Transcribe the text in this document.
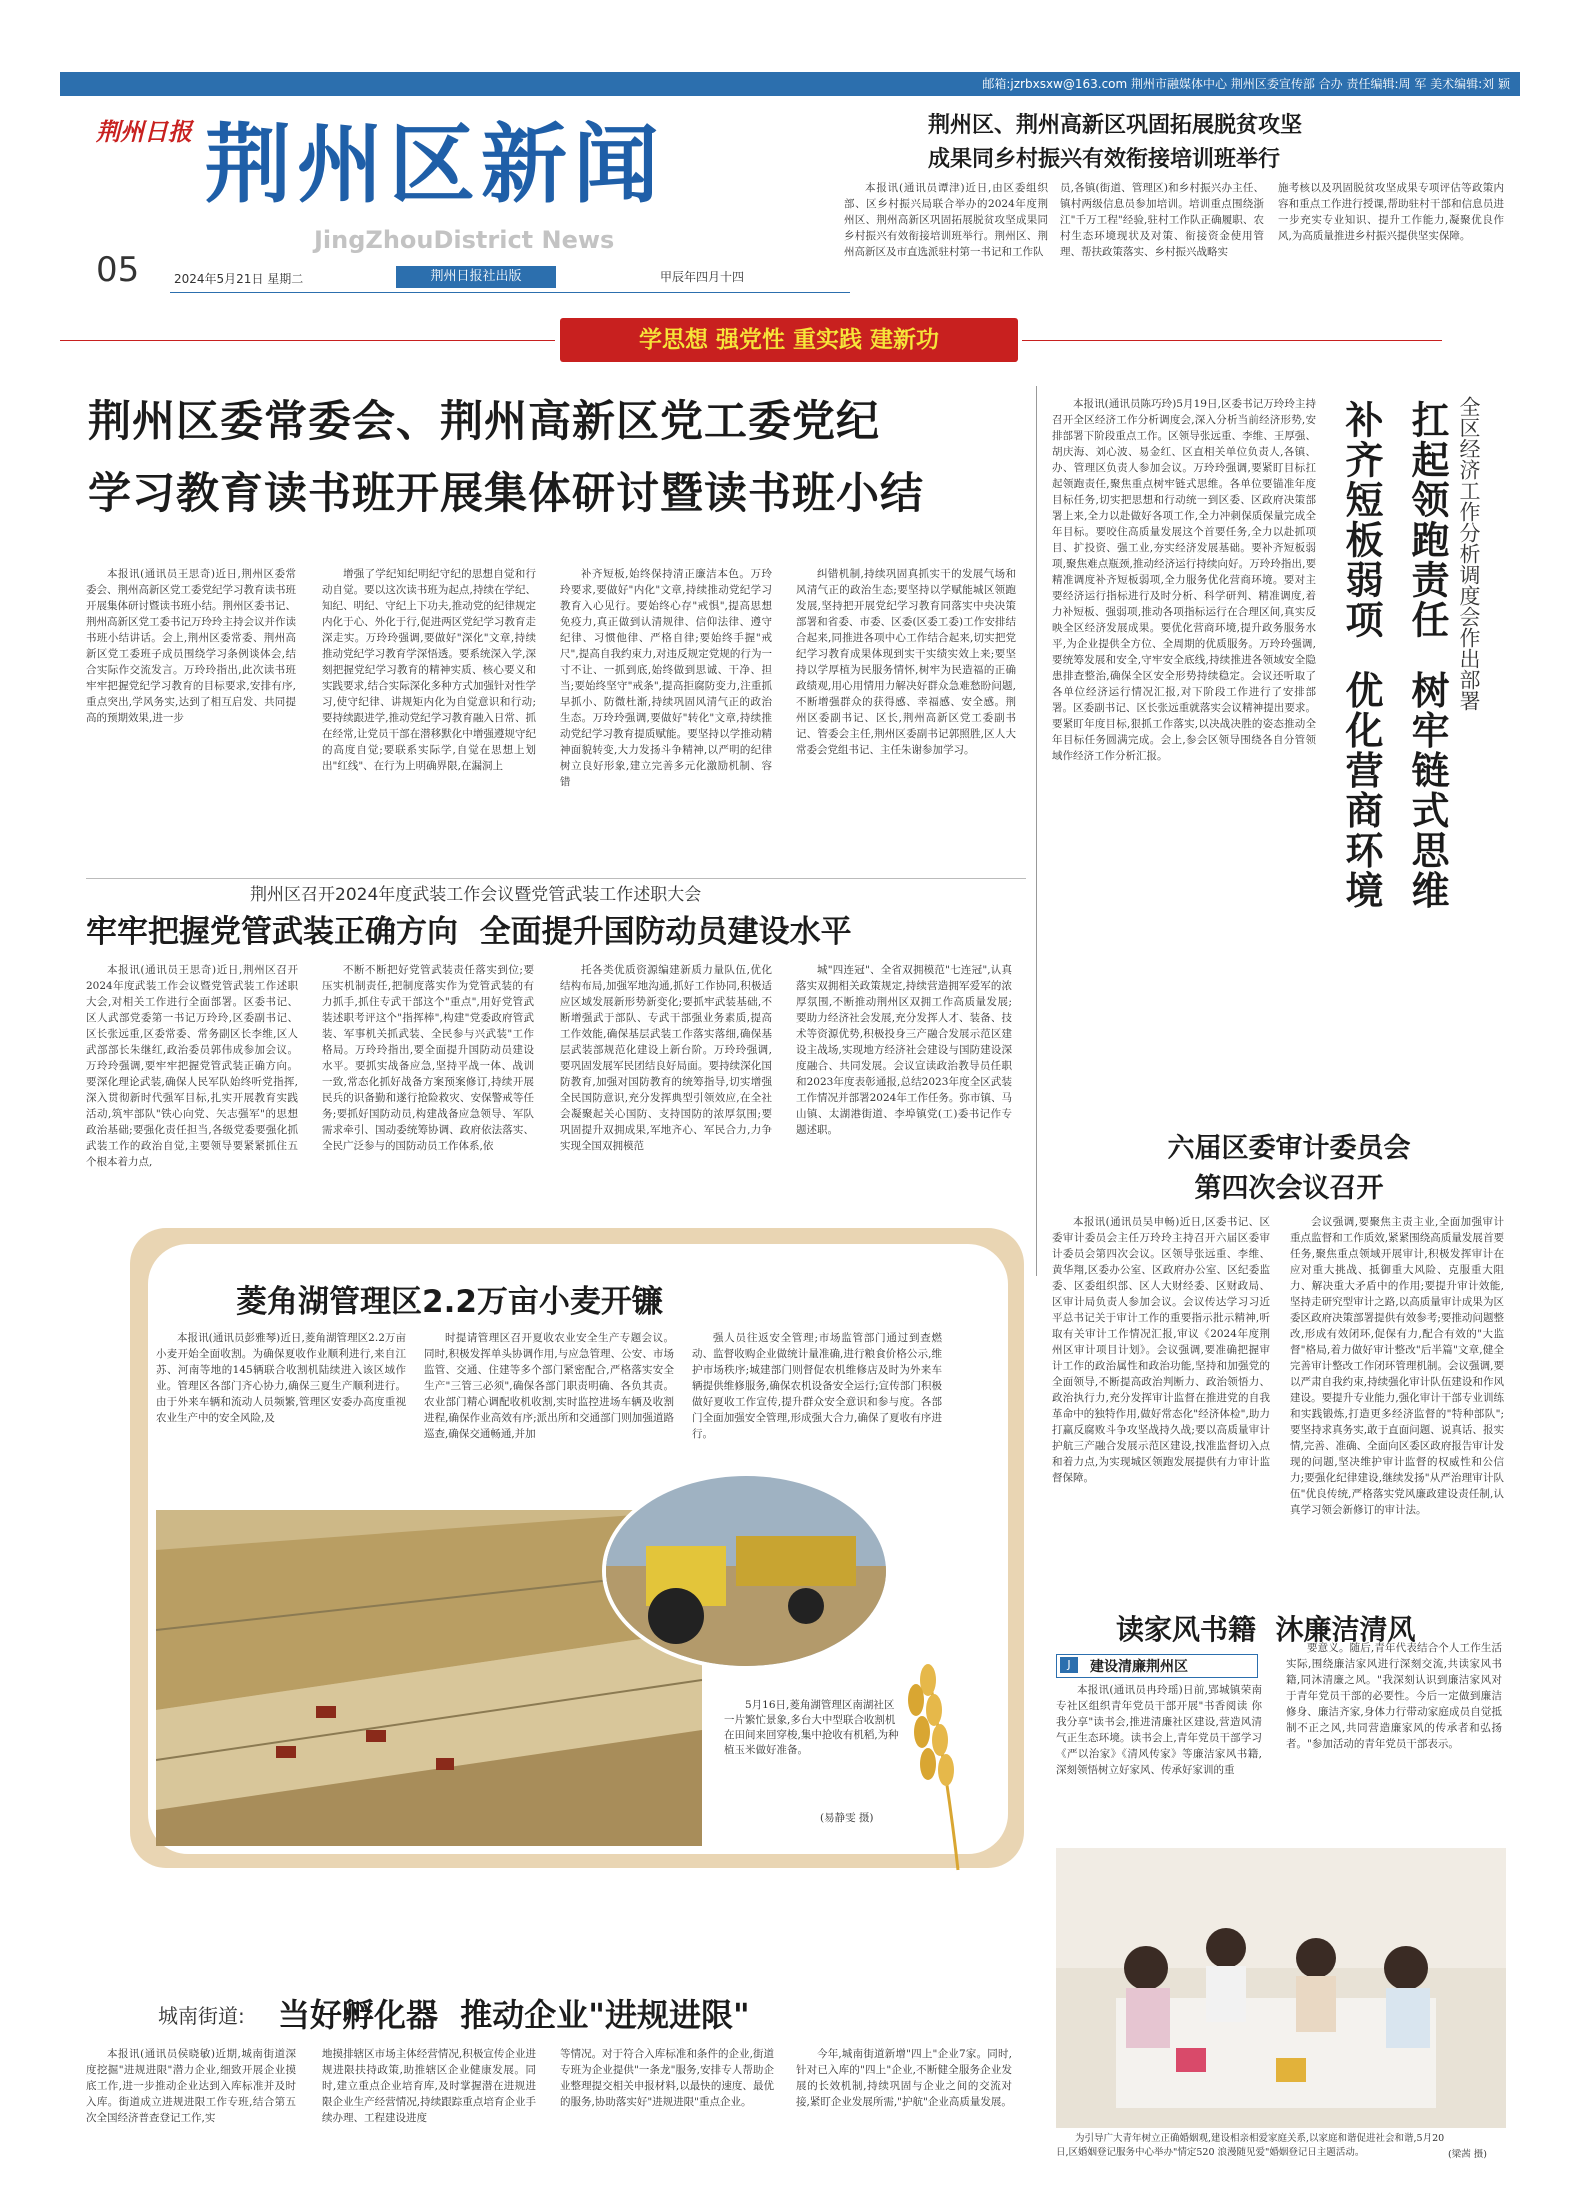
邮箱:jzrbxsxw@163.com 荆州市融媒体中心 荆州区委宣传部 合办 责任编辑:周 军 美术编辑:刘 颖
荆州日报 荆州区新闻
JingZhouDistrict News
05	2024年5月21日 星期二	荆州日报社出版	甲辰年四月十四
荆州区、荆州高新区巩固拓展脱贫攻坚
成果同乡村振兴有效衔接培训班举行
本报讯(通讯员谭津)近日,由区委组织部、区乡村振兴局联合举办的2024年度荆州区、荆州高新区巩固拓展脱贫攻坚成果同乡村振兴有效衔接培训班举行。荆州区、荆州高新区及市直选派驻村第一书记和工作队
员,各镇(街道、管理区)和乡村振兴办主任、镇村两级信息员参加培训。培训重点围绕浙江"千万工程"经验,驻村工作队正确履职、农村生态环境现状及对策、衔接资金使用管理、帮扶政策落实、乡村振兴战略实
施考核以及巩固脱贫攻坚成果专项评估等政策内容和重点工作进行授课,帮助驻村干部和信息员进一步充实专业知识、提升工作能力,凝聚优良作风,为高质量推进乡村振兴提供坚实保障。
学思想 强党性 重实践 建新功
荆州区委常委会、荆州高新区党工委党纪
学习教育读书班开展集体研讨暨读书班小结
本报讯(通讯员王思奇)近日,荆州区委常委会、荆州高新区党工委党纪学习教育读书班开展集体研讨暨读书班小结。荆州区委书记、荆州高新区党工委书记万玲玲主持会议并作读书班小结讲话。会上,荆州区委常委、荆州高新区党工委班子成员围绕学习条例谈体会,结合实际作交流发言。万玲玲指出,此次读书班牢牢把握党纪学习教育的目标要求,安排有序,重点突出,学风务实,达到了相互启发、共同提高的预期效果,进一步
增强了学纪知纪明纪守纪的思想自觉和行动自觉。要以这次读书班为起点,持续在学纪、知纪、明纪、守纪上下功夫,推动党的纪律规定内化于心、外化于行,促进两区党纪学习教育走深走实。万玲玲强调,要做好"深化"文章,持续推动党纪学习教育学深悟透。要系统深入学,深刻把握党纪学习教育的精神实质、核心要义和实践要求,结合实际深化多种方式加强针对性学习,使守纪律、讲规矩内化为自觉意识和行动;要持续跟进学,推动党纪学习教育融入日常、抓在经常,让党员干部在潜移默化中增强遵规守纪的高度自觉;要联系实际学,自觉在思想上划出"红线"、在行为上明确界限,在漏洞上
补齐短板,始终保持清正廉洁本色。万玲玲要求,要做好"内化"文章,持续推动党纪学习教育入心见行。要始终心存"戒惧",提高思想免疫力,真正做到认清规律、信仰法律、遵守纪律、习惯他律、严格自律;要始终手握"戒尺",提高自我约束力,对违反规定党规的行为一寸不让、一抓到底,始终做到思诚、干净、担当;要始终坚守"戒条",提高拒腐防变力,注重抓早抓小、防微杜渐,持续巩固风清气正的政治生态。万玲玲强调,要做好"转化"文章,持续推动党纪学习教育提质赋能。要坚持以学推动精神面貌转变,大力发扬斗争精神,以严明的纪律树立良好形象,建立完善多元化激励机制、容错
纠错机制,持续巩固真抓实干的发展气场和风清气正的政治生态;要坚持以学赋能城区领跑发展,坚持把开展党纪学习教育同落实中央决策部署和省委、市委、区委(区委工委)工作安排结合起来,同推进各项中心工作结合起来,切实把党纪学习教育成果体现到实干实绩实效上来;要坚持以学厚植为民服务情怀,树牢为民造福的正确政绩观,用心用情用力解决好群众急难愁盼问题,不断增强群众的获得感、幸福感、安全感。荆州区委副书记、区长,荆州高新区党工委副书记、管委会主任,荆州区委副书记郭照胜,区人大常委会党组书记、主任朱谢参加学习。
荆州区召开2024年度武装工作会议暨党管武装工作述职大会
牢牢把握党管武装正确方向  全面提升国防动员建设水平
本报讯(通讯员王思奇)近日,荆州区召开2024年度武装工作会议暨党管武装工作述职大会,对相关工作进行全面部署。区委书记、区人武部党委第一书记万玲玲,区委副书记、区长张远重,区委常委、常务副区长李维,区人武部部长朱继红,政治委员郭伟成参加会议。万玲玲强调,要牢牢把握党管武装正确方向。要深化理论武装,确保人民军队始终听党指挥,深入贯彻新时代强军目标,扎实开展教育实践活动,筑牢部队"铁心向党、矢志强军"的思想政治基础;要强化责任担当,各级党委要强化抓武装工作的政治自觉,主要领导要紧紧抓住五个根本着力点,
不断不断把好党管武装责任落实到位;要压实机制责任,把制度落实作为党管武装的有力抓手,抓住专武干部这个"重点",用好党管武装述职考评这个"指挥棒",构建"党委政府管武装、军事机关抓武装、全民参与兴武装"工作格局。万玲玲指出,要全面提升国防动员建设水平。要抓实战备应急,坚持平战一体、战训一致,常态化抓好战备方案预案修订,持续开展民兵的识备勤和遂行抢险救灾、安保警戒等任务;要抓好国防动员,构建战备应急领导、军队需求牵引、国动委统筹协调、政府依法落实、全民广泛参与的国防动员工作体系,依
托各类优质资源编建新质力量队伍,优化结构布局,加强军地沟通,抓好工作协同,积极适应区域发展新形势新变化;要抓牢武装基础,不断增强武于部队、专武干部强业务素质,提高工作效能,确保基层武装工作落实落细,确保基层武装部规范化建设上新台阶。万玲玲强调,要巩固发展军民团结良好局面。要持续深化国防教育,加强对国防教育的统筹指导,切实增强全民国防意识,充分发挥典型引领效应,在全社会凝聚起关心国防、支持国防的浓厚氛围;要巩固提升双拥成果,军地齐心、军民合力,力争实现全国双拥模范
城"四连冠"、全省双拥模范"七连冠",认真落实双拥相关政策规定,持续营造拥军爱军的浓厚氛围,不断推动荆州区双拥工作高质量发展;要助力经济社会发展,充分发挥人才、装备、技术等资源优势,积极投身三产融合发展示范区建设主战场,实现地方经济社会建设与国防建设深度融合、共同发展。会议宣读政治教导员任职和2023年度表彰通报,总结2023年度全区武装工作情况并部署2024年工作任务。弥市镇、马山镇、太湖港街道、李埠镇党(工)委书记作专题述职。
全区经济工作分析调度会作出部署
扛起领跑责任  树牢链式思维
补齐短板弱项  优化营商环境
本报讯(通讯员陈巧玲)5月19日,区委书记万玲玲主持召开全区经济工作分析调度会,深入分析当前经济形势,安排部署下阶段重点工作。区领导张远重、李维、王厚强、胡庆海、刘心波、易金红、区直相关单位负责人,各镇、办、管理区负责人参加会议。万玲玲强调,要紧盯目标扛起领跑责任,聚焦重点树牢链式思维。各单位要锚准年度目标任务,切实把思想和行动统一到区委、区政府决策部署上来,全力以赴做好各项工作,全力冲刺保质保量完成全年目标。要咬住高质量发展这个首要任务,全力以赴抓项目、扩投资、强工业,夯实经济发展基础。要补齐短板弱项,聚焦难点瓶颈,推动经济运行持续向好。万玲玲指出,要精准调度补齐短板弱项,全力服务优化营商环境。要对主要经济运行指标进行及时分析、科学研判、精准调度,着力补短板、强弱项,推动各项指标运行在合理区间,真实反映全区经济发展成果。要优化营商环境,提升政务服务水平,为企业提供全方位、全周期的优质服务。万玲玲强调,要统筹发展和安全,守牢安全底线,持续推进各领域安全隐患排查整治,确保全区安全形势持续稳定。会议还听取了各单位经济运行情况汇报,对下阶段工作进行了安排部署。区委副书记、区长张远重就落实会议精神提出要求。要紧盯年度目标,狠抓工作落实,以决战决胜的姿态推动全年目标任务圆满完成。会上,参会区领导围绕各自分管领域作经济工作分析汇报。
六届区委审计委员会
第四次会议召开
本报讯(通讯员吴申畅)近日,区委书记、区委审计委员会主任万玲玲主持召开六届区委审计委员会第四次会议。区领导张远重、李维、黄华翔,区委办公室、区政府办公室、区纪委监委、区委组织部、区人大财经委、区财政局、区审计局负责人参加会议。会议传达学习习近平总书记关于审计工作的重要指示批示精神,听取有关审计工作情况汇报,审议《2024年度荆州区审计项目计划》。会议强调,要准确把握审计工作的政治属性和政治功能,坚持和加强党的全面领导,不断提高政治判断力、政治领悟力、政治执行力,充分发挥审计监督在推进党的自我革命中的独特作用,做好常态化"经济体检",助力打赢反腐败斗争攻坚战持久战;要以高质量审计护航三产融合发展示范区建设,找准监督切入点和着力点,为实现城区领跑发展提供有力审计监督保障。
会议强调,要聚焦主责主业,全面加强审计重点监督和工作质效,紧紧围绕高质量发展首要任务,聚焦重点领域开展审计,积极发挥审计在应对重大挑战、抵御重大风险、克服重大阻力、解决重大矛盾中的作用;要提升审计效能,坚持走研究型审计之路,以高质量审计成果为区委区政府决策部署提供有效参考;要推动问题整改,形成有效闭环,促保有力,配合有效的"大监督"格局,着力做好审计整改"后半篇"文章,健全完善审计整改工作闭环管理机制。会议强调,要以严肃自我约束,持续强化审计队伍建设和作风建设。要提升专业能力,强化审计干部专业训练和实践锻炼,打造更多经济监督的"特种部队";要坚持求真务实,敢于直面问题、说真话、报实情,完善、准确、全面向区委区政府报告审计发现的问题,坚决维护审计监督的权威性和公信力;要强化纪律建设,继续发扬"从严治理审计队伍"优良传统,严格落实党风廉政建设责任制,认真学习领会新修订的审计法。
菱角湖管理区2.2万亩小麦开镰
本报讯(通讯员彭雅琴)近日,菱角湖管理区2.2万亩小麦开始全面收割。为确保夏收作业顺利进行,来自江苏、河南等地的145辆联合收割机陆续进入该区域作业。管理区各部门齐心协力,确保三夏生产顺利进行。由于外来车辆和流动人员频繁,管理区安委办高度重视农业生产中的安全风险,及
时提请管理区召开夏收农业安全生产专题会议。同时,积极发挥单头协调作用,与应急管理、公安、市场监管、交通、住建等多个部门紧密配合,严格落实安全生产"三管三必须",确保各部门职责明确、各负其责。农业部门精心调配收机收割,实时监控进场车辆及收割进程,确保作业高效有序;派出所和交通部门则加强道路巡查,确保交通畅通,并加
强人员往返安全管理;市场监管部门通过到查燃动、监督收购企业做统计量准确,进行粮食价格公示,维护市场秩序;城建部门则督促农机维修店及时为外来车辆提供维修服务,确保农机设备安全运行;宣传部门积极做好夏收工作宣传,提升群众安全意识和参与度。各部门全面加强安全管理,形成强大合力,确保了夏收有序进行。
5月16日,菱角湖管理区南湖社区一片繁忙景象,多台大中型联合收割机在田间来回穿梭,集中抢收有机稻,为种植玉米做好准备。
(易静雯 摄)
读家风书籍  沐廉洁清风
J	建设清廉荆州区
本报讯(通讯员冉玲瑶)日前,郢城镇荣南专社区组织青年党员干部开展"书香阅读 你我分享"读书会,推进清廉社区建设,营造风清气正生态环境。读书会上,青年党员干部学习《严以治家》《清风传家》等廉洁家风书籍,深刻领悟树立好家风、传承好家训的重
要意义。随后,青年代表结合个人工作生活实际,围绕廉洁家风进行深刻交流,共读家风书籍,同沐清廉之风。"我深刻认识到廉洁家风对于青年党员干部的必要性。今后一定做到廉洁修身、廉洁齐家,身体力行带动家庭成员自觉抵制不正之风,共同营造廉家风的传承者和弘扬者。"参加活动的青年党员干部表示。
为引导广大青年树立正确婚姻观,建设相亲相爱家庭关系,以家庭和谐促进社会和谐,5月20日,区婚姻登记服务中心举办"情定520 浪漫随见爱"婚姻登记日主题活动。	(梁茜 摄)
城南街道: 当好孵化器  推动企业"进规进限"
本报讯(通讯员侯晓敏)近期,城南街道深度挖掘"进规进限"潜力企业,细致开展企业摸底工作,进一步推动企业达到入库标准并及时入库。街道成立进规进限工作专班,结合第五次全国经济普查登记工作,实
地摸排辖区市场主体经营情况,积极宣传企业进规进限扶持政策,助推辖区企业健康发展。同时,建立重点企业培育库,及时掌握潜在进规进限企业生产经营情况,持续跟踪重点培育企业手续办理、工程建设进度
等情况。对于符合入库标准和条件的企业,街道专班为企业提供"一条龙"服务,安排专人帮助企业整理提交相关申报材料,以最快的速度、最优的服务,协助落实好"进规进限"重点企业。
今年,城南街道新增"四上"企业7家。同时,针对已入库的"四上"企业,不断健全服务企业发展的长效机制,持续巩固与企业之间的交流对接,紧盯企业发展所需,"护航"企业高质量发展。
